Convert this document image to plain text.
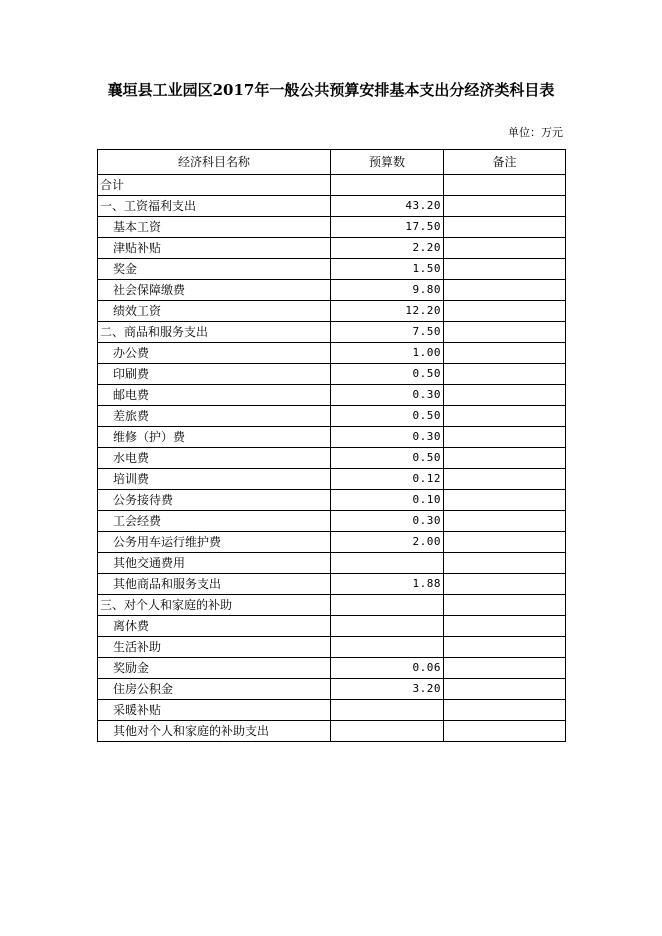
襄垣县工业园区2017年一般公共预算安排基本支出分经济类科目表
单位：万元
经济科目名称	预算数	备注
合计		
一、工资福利支出	43.20	
基本工资	17.50	
津贴补贴	2.20	
奖金	1.50	
社会保障缴费	9.80	
绩效工资	12.20	
二、商品和服务支出	7.50	
办公费	1.00	
印刷费	0.50	
邮电费	0.30	
差旅费	0.50	
维修（护）费	0.30	
水电费	0.50	
培训费	0.12	
公务接待费	0.10	
工会经费	0.30	
公务用车运行维护费	2.00	
其他交通费用		
其他商品和服务支出	1.88	
三、对个人和家庭的补助		
离休费		
生活补助		
奖励金	0.06	
住房公积金	3.20	
采暖补贴		
其他对个人和家庭的补助支出		
